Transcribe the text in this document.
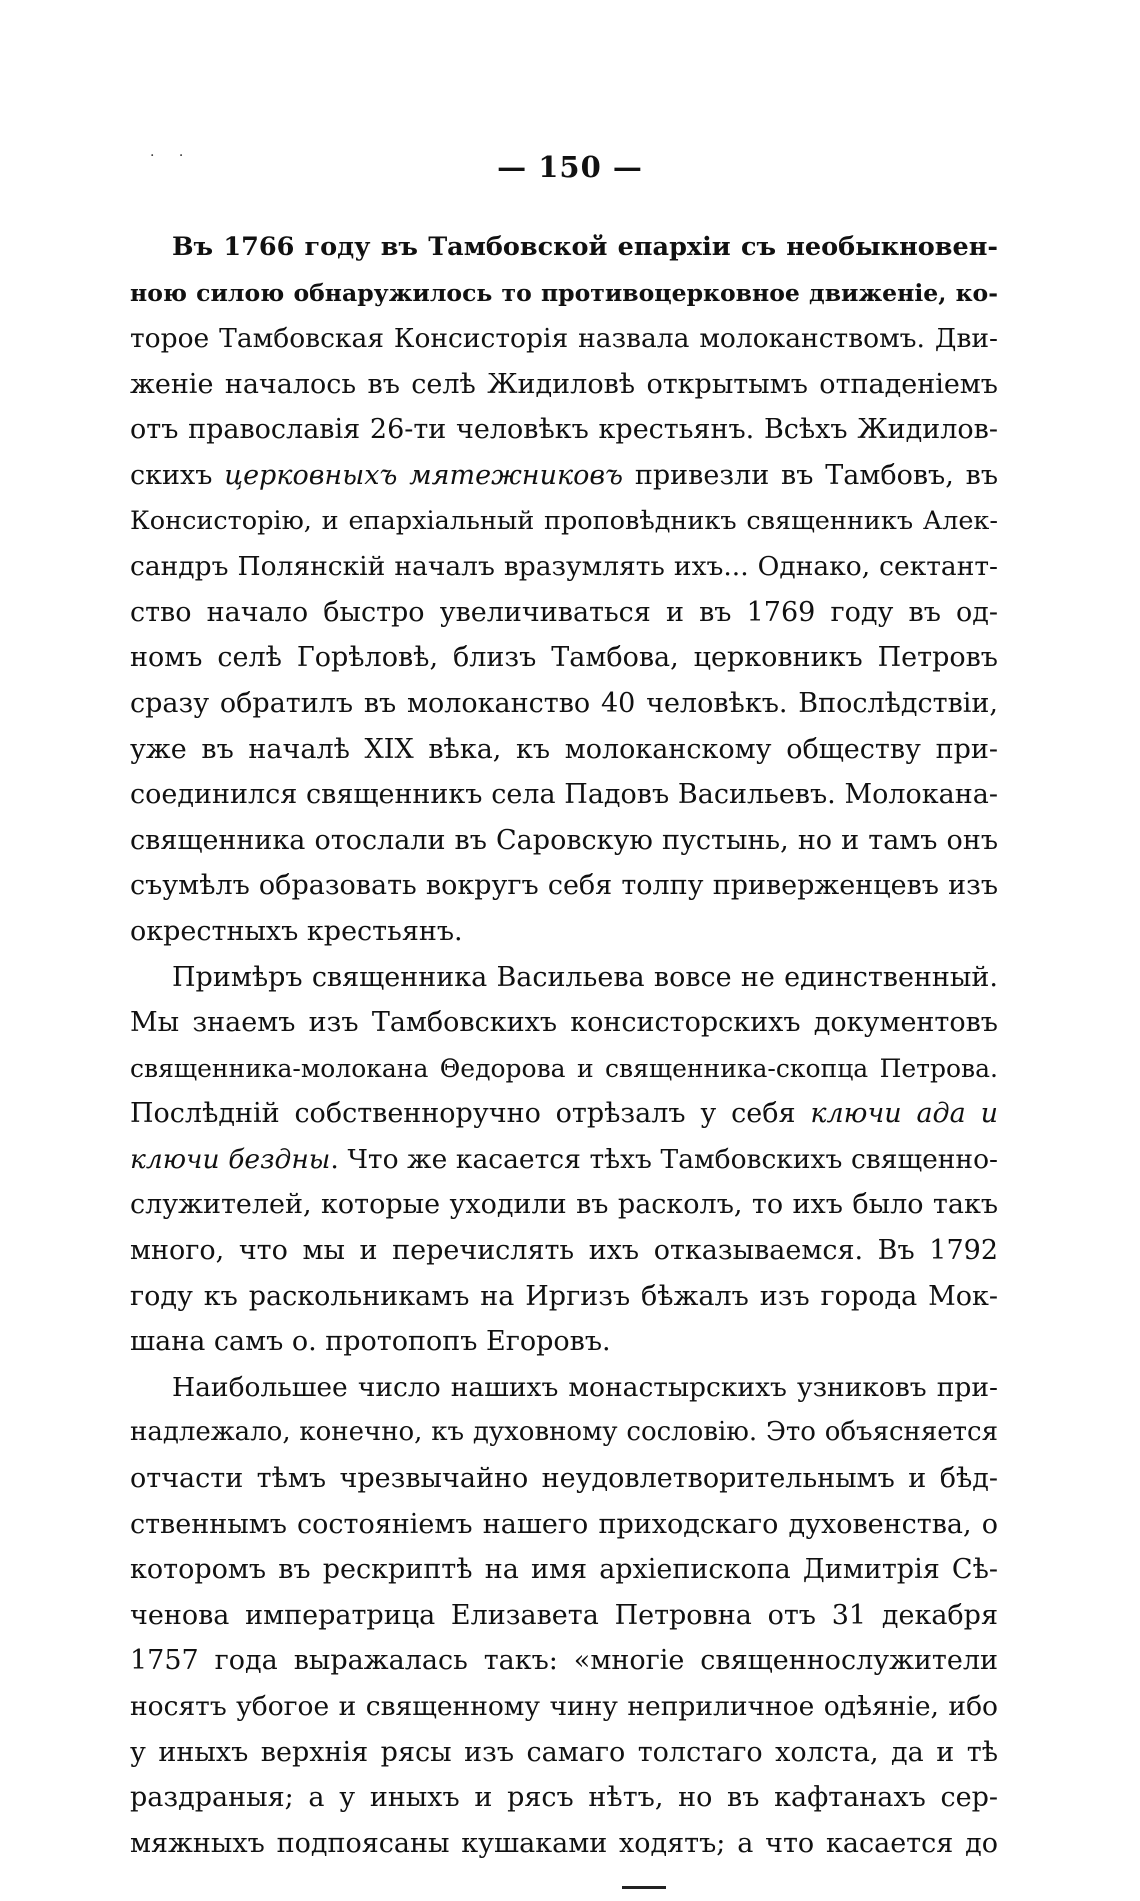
· ·	— 150 —
Въ 1766 году въ Тамбовской епархіи съ необыкновен-
ною силою обнаружилось то противоцерковное движеніе, ко-
торое Тамбовская Консисторія назвала молоканствомъ. Дви-
женіе началось въ селѣ Жидиловѣ открытымъ отпаденіемъ
отъ православія 26-ти человѣкъ крестьянъ. Всѣхъ Жидилов-
скихъ церковныхъ мятежниковъ привезли въ Тамбовъ, въ
Консисторію, и епархіальный проповѣдникъ священникъ Алек-
сандръ Полянскій началъ вразумлять ихъ... Однако, сектант-
ство начало быстро увеличиваться и въ 1769 году въ од-
номъ селѣ Горѣловѣ, близъ Тамбова, церковникъ Петровъ
сразу обратилъ въ молоканство 40 человѣкъ. Впослѣдствіи,
уже въ началѣ XIX вѣка, къ молоканскому обществу при-
соединился священникъ села Падовъ Васильевъ. Молокана-
священника отослали въ Саровскую пустынь, но и тамъ онъ
съумѣлъ образовать вокругъ себя толпу приверженцевъ изъ
окрестныхъ крестьянъ.
Примѣръ священника Васильева вовсе не единственный.
Мы знаемъ изъ Тамбовскихъ консисторскихъ документовъ
священника-молокана Θедорова и священника-скопца Петрова.
Послѣдній собственноручно отрѣзалъ у себя ключи ада и
ключи бездны. Что же касается тѣхъ Тамбовскихъ священно-
служителей, которые уходили въ расколъ, то ихъ было такъ
много, что мы и перечислять ихъ отказываемся. Въ 1792
году къ раскольникамъ на Иргизъ бѣжалъ изъ города Мок-
шана самъ о. протопопъ Егоровъ.
Наибольшее число нашихъ монастырскихъ узниковъ при-
надлежало, конечно, къ духовному сословію. Это объясняется
отчасти тѣмъ чрезвычайно неудовлетворительнымъ и бѣд-
ственнымъ состояніемъ нашего приходскаго духовенства, о
которомъ въ рескриптѣ на имя архіепископа Димитрія Сѣ-
ченова императрица Елизавета Петровна отъ 31 декабря
1757 года выражалась такъ: «многіе священнослужители
носятъ убогое и священному чину неприличное одѣяніе, ибо
у иныхъ верхнія рясы изъ самаго толстаго холста, да и тѣ
раздраныя; а у иныхъ и рясъ нѣтъ, но въ кафтанахъ сер-
мяжныхъ подпоясаны кушаками ходятъ; а что касается до
